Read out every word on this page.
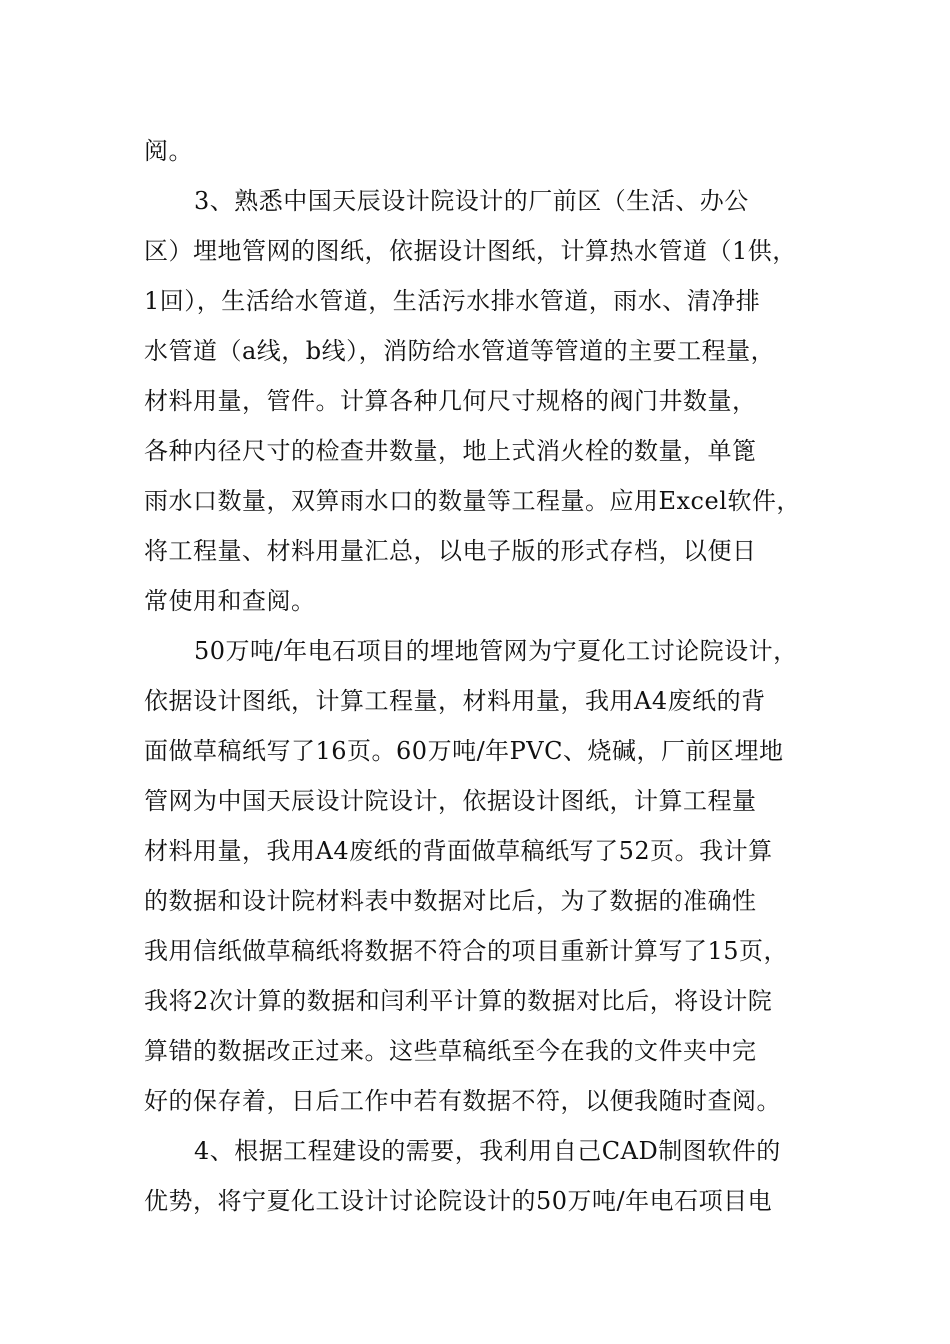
阅。
3、熟悉中国天辰设计院设计的厂前区（生活、办公
区）埋地管网的图纸，依据设计图纸，计算热水管道（1供，
1回），生活给水管道，生活污水排水管道，雨水、清净排
水管道（a线，b线），消防给水管道等管道的主要工程量，
材料用量，管件。计算各种几何尺寸规格的阀门井数量，
各种内径尺寸的检查井数量，地上式消火栓的数量，单篦
雨水口数量，双箅雨水口的数量等工程量。应用Excel软件，
将工程量、材料用量汇总，以电子版的形式存档，以便日
常使用和查阅。
50万吨/年电石项目的埋地管网为宁夏化工讨论院设计，
依据设计图纸，计算工程量，材料用量，我用A4废纸的背
面做草稿纸写了16页。60万吨/年PVC、烧碱，厂前区埋地
管网为中国天辰设计院设计，依据设计图纸，计算工程量
材料用量，我用A4废纸的背面做草稿纸写了52页。我计算
的数据和设计院材料表中数据对比后，为了数据的准确性
我用信纸做草稿纸将数据不符合的项目重新计算写了15页，
我将2次计算的数据和闫利平计算的数据对比后，将设计院
算错的数据改正过来。这些草稿纸至今在我的文件夹中完
好的保存着，日后工作中若有数据不符，以便我随时查阅。
4、根据工程建设的需要，我利用自己CAD制图软件的
优势，将宁夏化工设计讨论院设计的50万吨/年电石项目电
